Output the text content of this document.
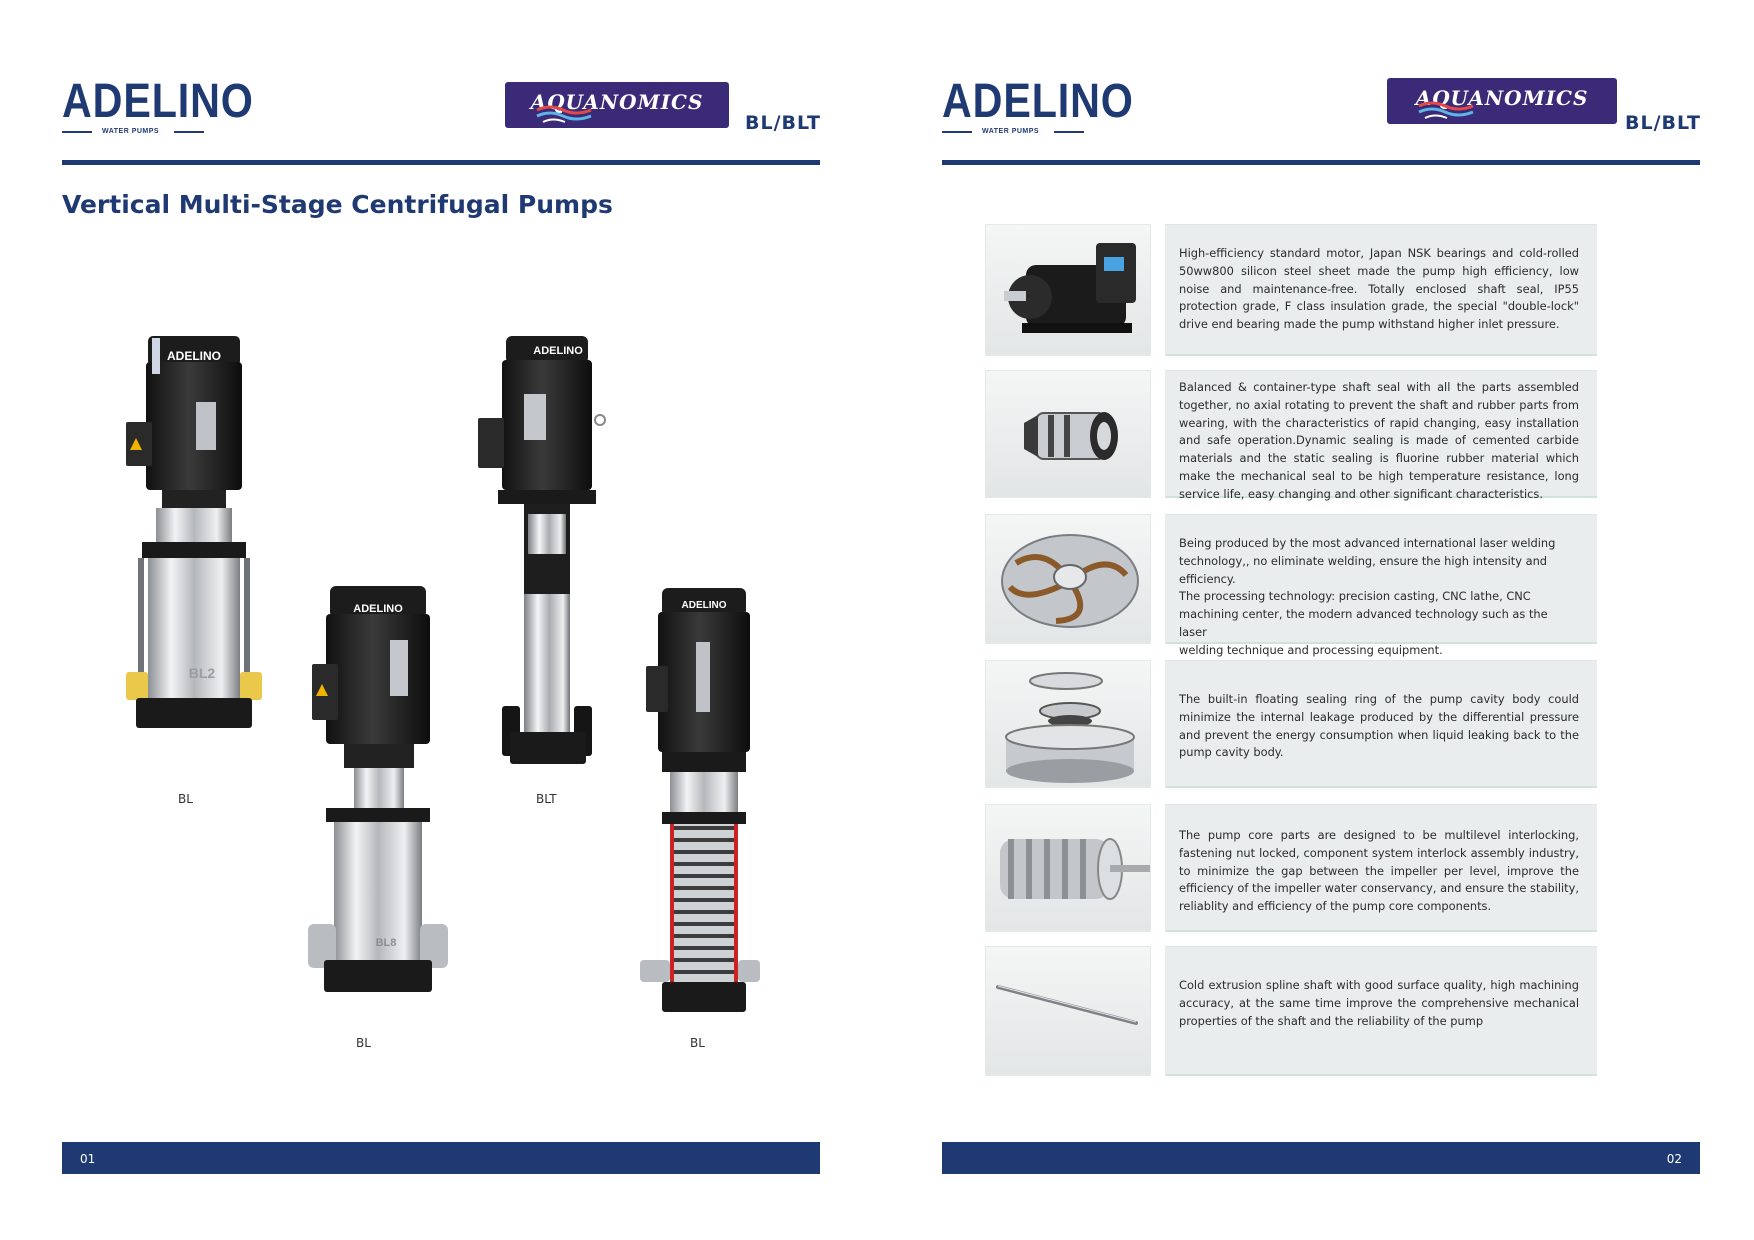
ADELINO
WATER PUMPS
AQUANOMICS
BL/BLT
Vertical Multi-Stage Centrifugal Pumps
ADELINO
BL2
BL
ADELINO
BLT
ADELINO
BL8
BL
ADELINO
BL
01
ADELINO
WATER PUMPS
AQUANOMICS
BL/BLT

High-efficiency standard motor, Japan NSK bearings and cold-rolled 50ww800 silicon steel sheet made the pump high efficiency, low noise and maintenance-free. Totally enclosed shaft seal, IP55 protection grade, F class insulation grade, the special "double-lock" drive end bearing made the pump withstand higher inlet pressure.

Balanced & container-type shaft seal with all the parts assembled together, no axial rotating to prevent the shaft and rubber parts from wearing, with the characteristics of rapid changing, easy installation and safe operation.Dynamic sealing is made of cemented carbide materials and the static sealing is fluorine rubber material which make the mechanical seal to be high temperature resistance, long service life, easy changing and other significant characteristics.

Being produced by the most advanced international laser welding
technology,, no eliminate welding, ensure the high intensity and efficiency.
The processing technology: precision casting, CNC lathe, CNC
machining center, the modern advanced technology such as the laser
welding technique and processing equipment.

The built-in floating sealing ring of the pump cavity body could minimize the internal leakage produced by the differential pressure and prevent the energy consumption when liquid leaking back to the pump cavity body.

The pump core parts are designed to be multilevel interlocking, fastening nut locked, component system interlock assembly industry, to minimize the gap between the impeller per level, improve the efficiency of the impeller water conservancy, and ensure the stability, reliablity and efficiency of the pump core components.

Cold extrusion spline shaft with good surface quality, high machining accuracy, at the same time improve the comprehensive mechanical properties of the shaft and the reliability of the pump

02
